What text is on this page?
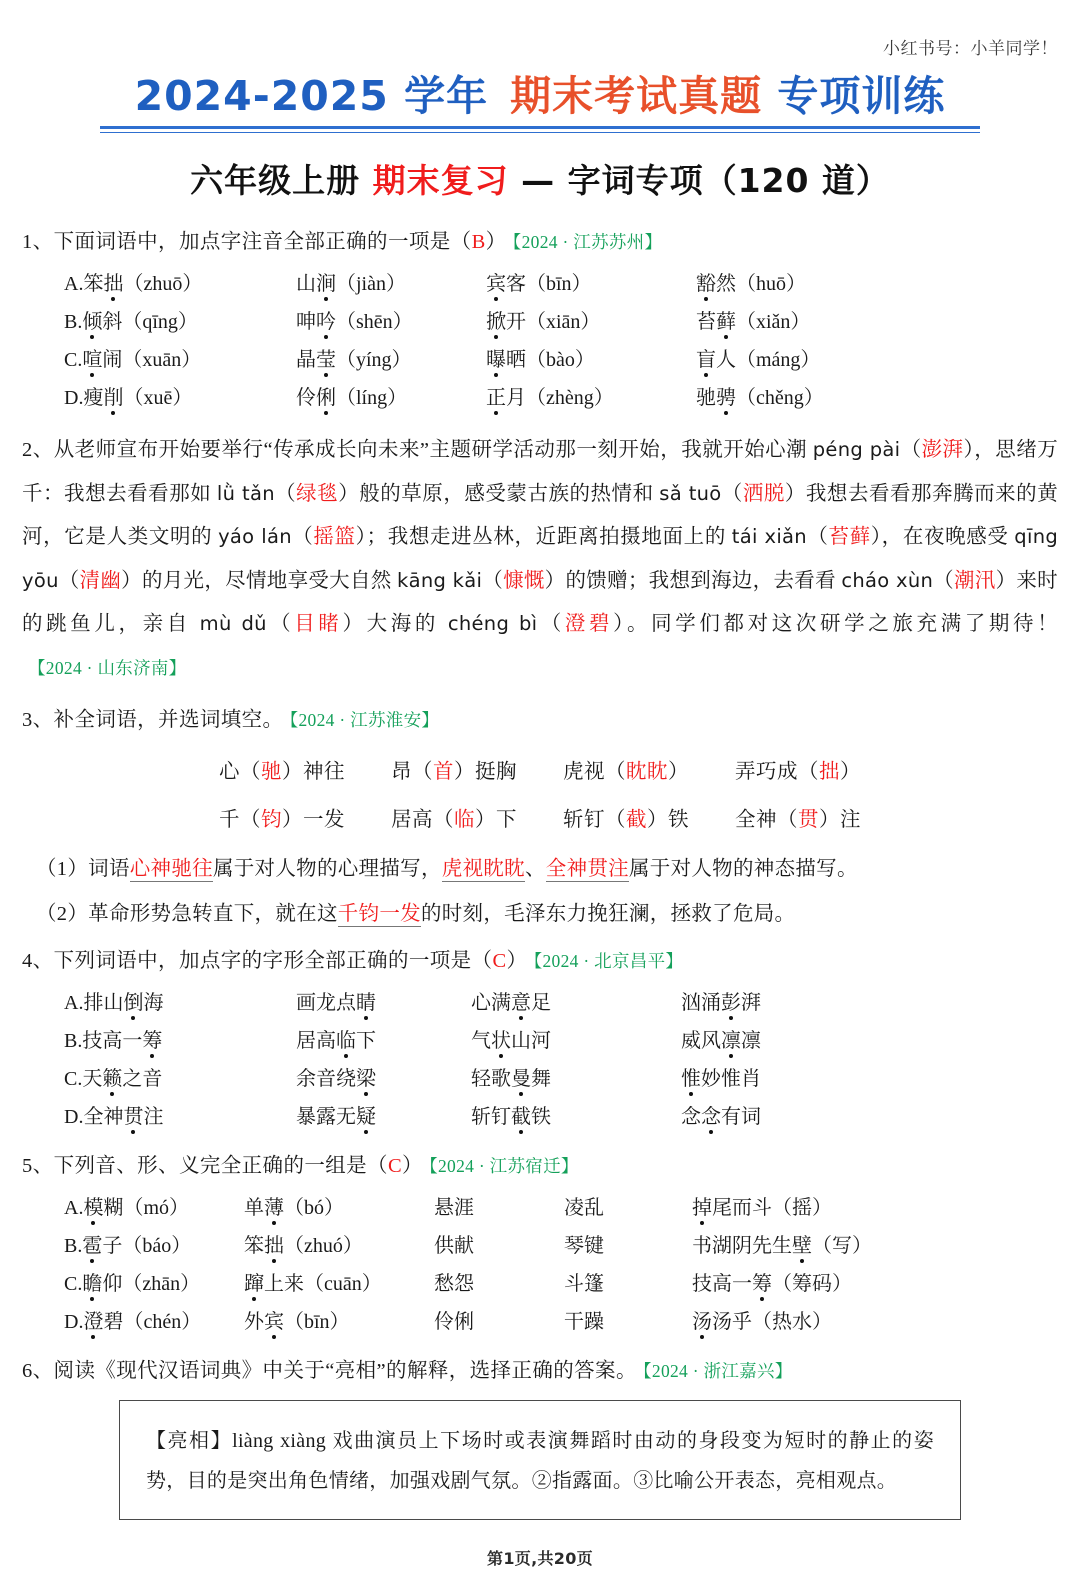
小红书号：小羊同学！
2024-2025 学年 期末考试真题 专项训练
六年级上册 期末复习 — 字词专项（120 道）
1、下面词语中，加点字注音全部正确的一项是（B） 【2024 · 江苏苏州】
A.笨拙（zhuō）	山涧（jiàn）	宾客（bīn）	豁然（huō）
B.倾斜（qīng）	呻吟（shēn）	掀开（xiān）	苔藓（xiǎn）
C.喧闹（xuān）	晶莹（yíng）	曝晒（bào）	盲人（máng）
D.瘦削（xuē）	伶俐（líng）	正月（zhèng）	驰骋（chěng）
2、从老师宣布开始要举行“传承成长向未来”主题研学活动那一刻开始，我就开始心潮 péng pài（澎湃），思绪万千：我想去看看那如 lǜ tǎn（绿毯）般的草原，感受蒙古族的热情和 sǎ tuō（洒脱）我想去看看那奔腾而来的黄河，它是人类文明的 yáo lán（摇篮）；我想走进丛林，近距离拍摄地面上的 tái xiǎn（苔藓），在夜晚感受 qīng yōu（清幽）的月光，尽情地享受大自然 kāng kǎi（慷慨）的馈赠；我想到海边，去看看 cháo xùn（潮汛）来时的跳鱼儿，亲自 mù dǔ（目睹）大海的 chéng bì（澄碧）。同学们都对这次研学之旅充满了期待！【2024 · 山东济南】
3、补全词语，并选词填空。 【2024 · 江苏淮安】
心（驰）神往 昂（首）挺胸 虎视（眈眈） 弄巧成（拙）
千（钧）一发 居高（临）下 斩钉（截）铁 全神（贯）注
（1）词语心神驰往属于对人物的心理描写，虎视眈眈、全神贯注属于对人物的神态描写。
（2）革命形势急转直下，就在这千钧一发的时刻，毛泽东力挽狂澜，拯救了危局。
4、下列词语中，加点字的字形全部正确的一项是（C） 【2024 · 北京昌平】
A.排山倒海	画龙点睛	心满意足	汹涌彭湃
B.技高一筹	居高临下	气状山河	威风凛凛
C.天籁之音	余音绕梁	轻歌曼舞	惟妙惟肖
D.全神贯注	暴露无疑	斩钉截铁	念念有词
5、下列音、形、义完全正确的一组是（C） 【2024 · 江苏宿迁】
A.模糊（mó）	单薄（bó）	悬涯	凌乱	掉尾而斗（摇）
B.雹子（báo）	笨拙（zhuó）	供献	琴键	书湖阴先生壁（写）
C.瞻仰（zhān）	蹿上来（cuān）	愁怨	斗篷	技高一筹（筹码）
D.澄碧（chén）	外宾（bīn）	伶俐	干躁	汤汤乎（热水）
6、阅读《现代汉语词典》中关于“亮相”的解释，选择正确的答案。 【2024 · 浙江嘉兴】
【亮相】liàng xiàng 戏曲演员上下场时或表演舞蹈时由动的身段变为短时的静止的姿势，目的是突出角色情绪，加强戏剧气氛。②指露面。③比喻公开表态，亮相观点。
第1页,共20页
